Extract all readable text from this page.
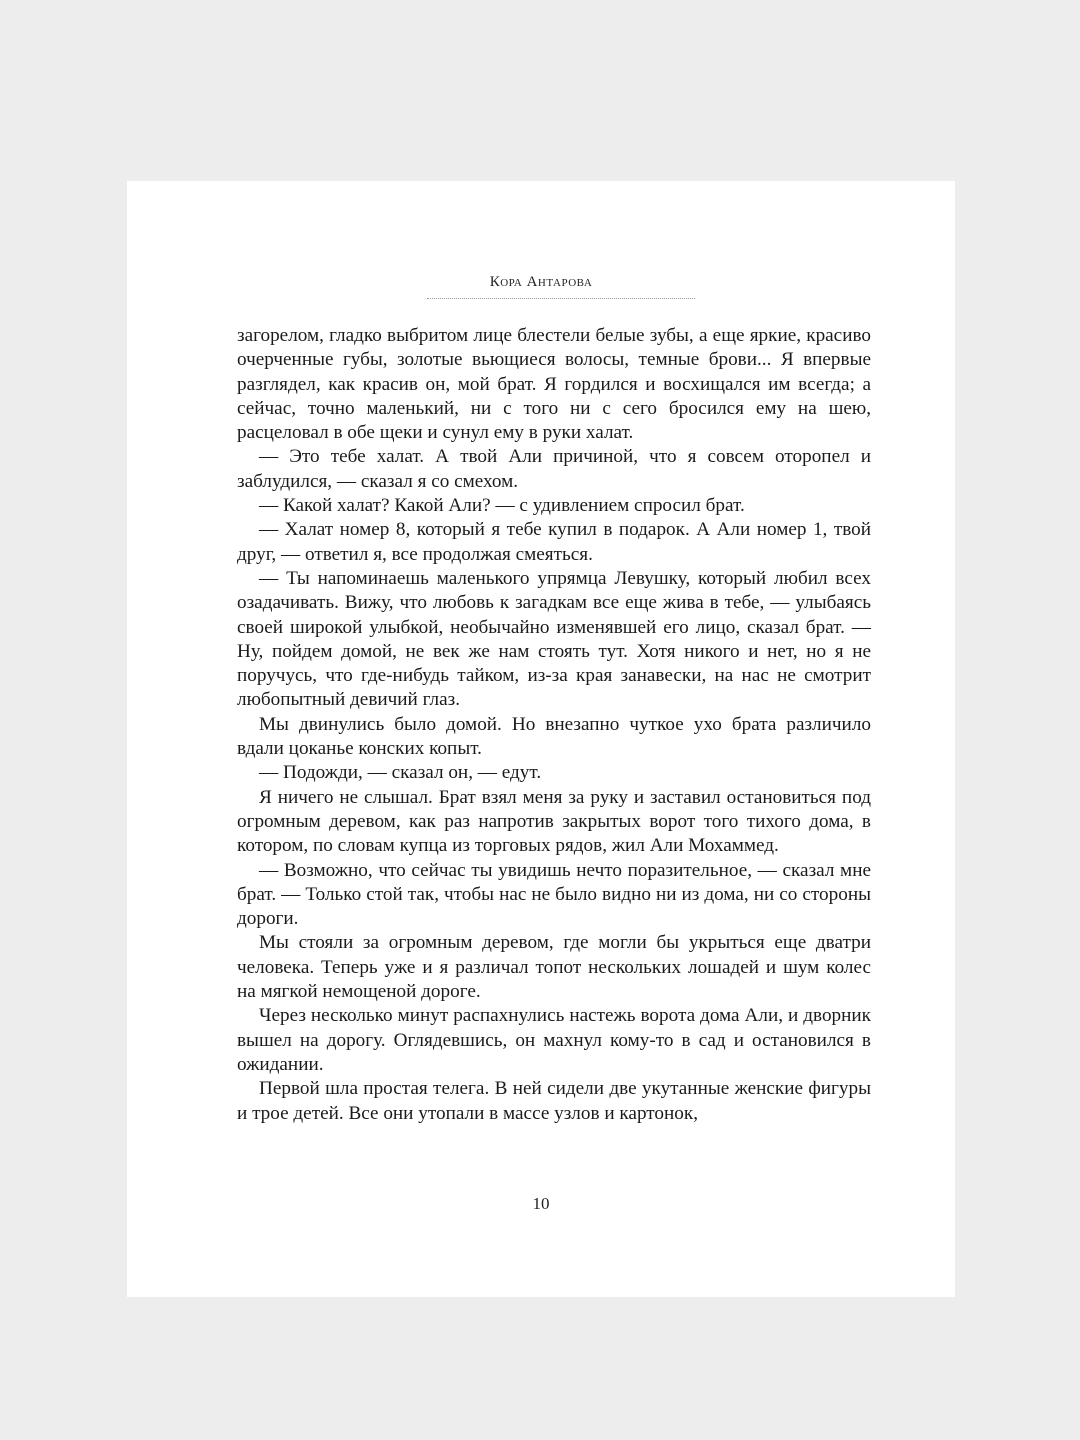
Кора Антарова

загорелом, гладко выбритом лице блестели белые зубы, а еще яркие, красиво очерченные губы, золотые вьющиеся волосы, темные брови... Я впервые разглядел, как красив он, мой брат. Я гордился и восхищался им всегда; а сейчас, точно маленький, ни с того ни с сего бросился ему на шею, расцеловал в обе щеки и сунул ему в руки халат.

— Это тебе халат. А твой Али причиной, что я совсем оторопел и заблудился, — сказал я со смехом.

— Какой халат? Какой Али? — с удивлением спросил брат.

— Халат номер 8, который я тебе купил в подарок. А Али номер 1, твой друг, — ответил я, все продолжая смеяться.

— Ты напоминаешь маленького упрямца Левушку, который любил всех озадачивать. Вижу, что любовь к загадкам все еще жива в тебе, — улыбаясь своей широкой улыбкой, необычайно изменявшей его лицо, сказал брат. — Ну, пойдем домой, не век же нам стоять тут. Хотя никого и нет, но я не поручусь, что где-нибудь тайком, из-за края занавески, на нас не смотрит любопытный девичий глаз.

Мы двинулись было домой. Но внезапно чуткое ухо брата различило вдали цоканье конских копыт.

— Подожди, — сказал он, — едут.

Я ничего не слышал. Брат взял меня за руку и заставил остановиться под огромным деревом, как раз напротив закрытых ворот того тихого дома, в котором, по словам купца из торговых рядов, жил Али Мохаммед.

— Возможно, что сейчас ты увидишь нечто поразительное, — сказал мне брат. — Только стой так, чтобы нас не было видно ни из дома, ни со стороны дороги.

Мы стояли за огромным деревом, где могли бы укрыться еще дватри человека. Теперь уже и я различал топот нескольких лошадей и шум колес на мягкой немощеной дороге.

Через несколько минут распахнулись настежь ворота дома Али, и дворник вышел на дорогу. Оглядевшись, он махнул кому-то в сад и остановился в ожидании.

Первой шла простая телега. В ней сидели две укутанные женские фигуры и трое детей. Все они утопали в массе узлов и картонок,

10
